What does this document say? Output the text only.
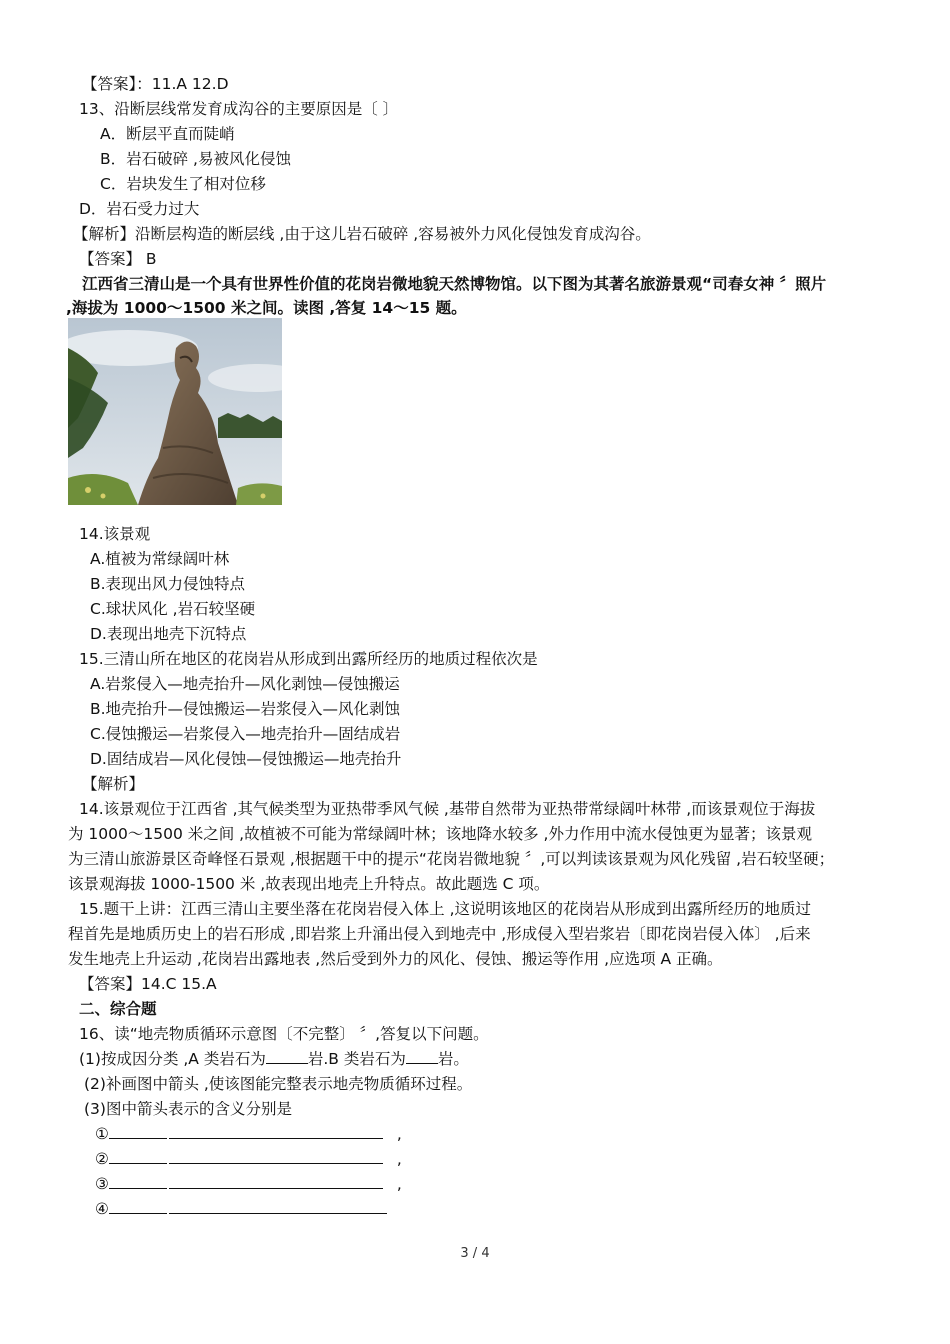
【答案】：11.A 12.D
13、沿断层线常发育成沟谷的主要原因是〔 〕
A．断层平直而陡峭
B．岩石破碎 ,易被风化侵蚀
C．岩块发生了相对位移
D．岩石受力过大
【解析】沿断层构造的断层线 ,由于这儿岩石破碎 ,容易被外力风化侵蚀发育成沟谷。
【答案】 B
江西省三清山是一个具有世界性价值的花岗岩微地貌天然博物馆。以下图为其著名旅游景观“司春女神 〞照片
,海拔为 1000～1500 米之间。读图 ,答复 14～15 题。
14.该景观
A.植被为常绿阔叶林
B.表现出风力侵蚀特点
C.球状风化 ,岩石较坚硬
D.表现出地壳下沉特点
15.三清山所在地区的花岗岩从形成到出露所经历的地质过程依次是
A.岩浆侵入—地壳抬升—风化剥蚀—侵蚀搬运
B.地壳抬升—侵蚀搬运—岩浆侵入—风化剥蚀
C.侵蚀搬运—岩浆侵入—地壳抬升—固结成岩
D.固结成岩—风化侵蚀—侵蚀搬运—地壳抬升
【解析】
14.该景观位于江西省 ,其气候类型为亚热带季风气候 ,基带自然带为亚热带常绿阔叶林带 ,而该景观位于海拔
为 1000～1500 米之间 ,故植被不可能为常绿阔叶林；该地降水较多 ,外力作用中流水侵蚀更为显著；该景观
为三清山旅游景区奇峰怪石景观 ,根据题干中的提示“花岗岩微地貌 〞,可以判读该景观为风化残留 ,岩石较坚硬；
该景观海拔 1000-1500 米 ,故表现出地壳上升特点。故此题选 C 项。
15.题干上讲：江西三清山主要坐落在花岗岩侵入体上 ,这说明该地区的花岗岩从形成到出露所经历的地质过
程首先是地质历史上的岩石形成 ,即岩浆上升涌出侵入到地壳中 ,形成侵入型岩浆岩〔即花岗岩侵入体〕 ,后来
发生地壳上升运动 ,花岗岩出露地表 ,然后受到外力的风化、侵蚀、搬运等作用 ,应选项 A 正确。
【答案】14.C 15.A
二、综合题
16、读“地壳物质循环示意图〔不完整〕 〞,答复以下问题。
(1)按成因分类 ,A 类岩石为	岩.B 类岩石为 岩。
(2)补画图中箭头 ,使该图能完整表示地壳物质循环过程。
(3)图中箭头表示的含义分别是
①	,
②	,
③	,
④
3 / 4
